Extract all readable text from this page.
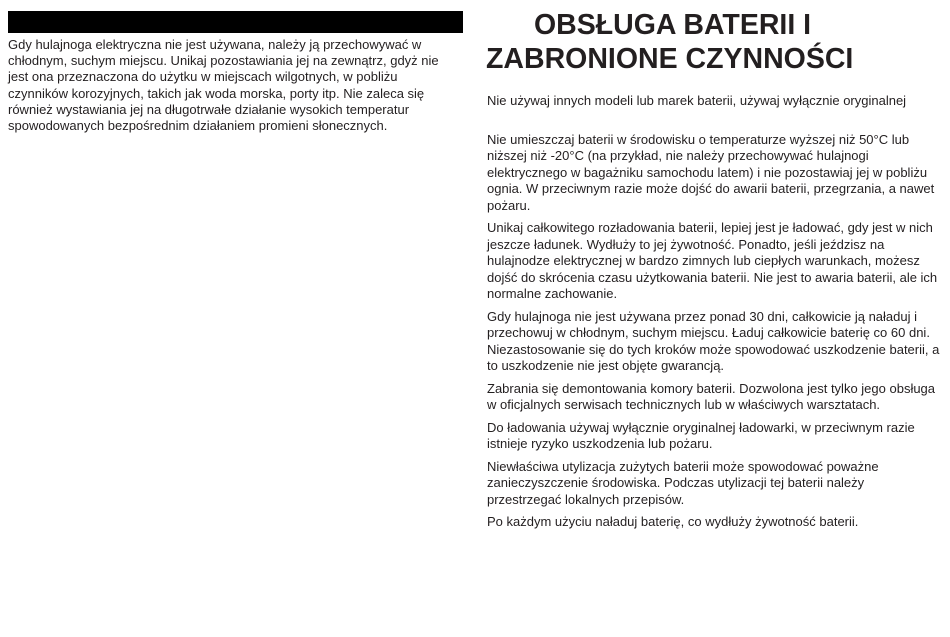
Gdy hulajnoga elektryczna nie jest używana, należy ją przechowywać w chłodnym, suchym miejscu. Unikaj pozostawiania jej na zewnątrz, gdyż nie jest ona przeznaczona do użytku w miejscach wilgotnych, w pobliżu czynników korozyjnych, takich jak woda morska, porty itp. Nie zaleca się również wystawiania jej na długotrwałe działanie wysokich temperatur spowodowanych bezpośrednim działaniem promieni słonecznych.

OBSŁUGA BATERII I
ZABRONIONE CZYNNOŚCI

Nie używaj innych modeli lub marek baterii, używaj wyłącznie oryginalnej

Nie umieszczaj baterii w środowisku o temperaturze wyższej niż 50°C lub niższej niż -20°C (na przykład, nie należy przechowywać hulajnogi elektrycznego w bagażniku samochodu latem) i nie pozostawiaj jej w pobliżu ognia. W przeciwnym razie może dojść do awarii baterii, przegrzania, a nawet pożaru.

Unikaj całkowitego rozładowania baterii, lepiej jest je ładować, gdy jest w nich jeszcze ładunek. Wydłuży to jej żywotność. Ponadto, jeśli jeździsz na hulajnodze elektrycznej w bardzo zimnych lub ciepłych warunkach, możesz dojść do skrócenia czasu użytkowania baterii. Nie jest to awaria baterii, ale ich normalne zachowanie.

Gdy hulajnoga nie jest używana przez ponad 30 dni, całkowicie ją naładuj i przechowuj w chłodnym, suchym miejscu. Ładuj całkowicie baterię co 60 dni. Niezastosowanie się do tych kroków może spowodować uszkodzenie baterii, a to uszkodzenie nie jest objęte gwarancją.

Zabrania się demontowania komory baterii. Dozwolona jest tylko jego obsługa w oficjalnych serwisach technicznych lub w właściwych warsztatach.

Do ładowania używaj wyłącznie oryginalnej ładowarki, w przeciwnym razie istnieje ryzyko uszkodzenia lub pożaru.

Niewłaściwa utylizacja zużytych baterii może spowodować poważne zanieczyszczenie środowiska. Podczas utylizacji tej baterii należy przestrzegać lokalnych przepisów.

Po każdym użyciu naładuj baterię, co wydłuży żywotność baterii.
